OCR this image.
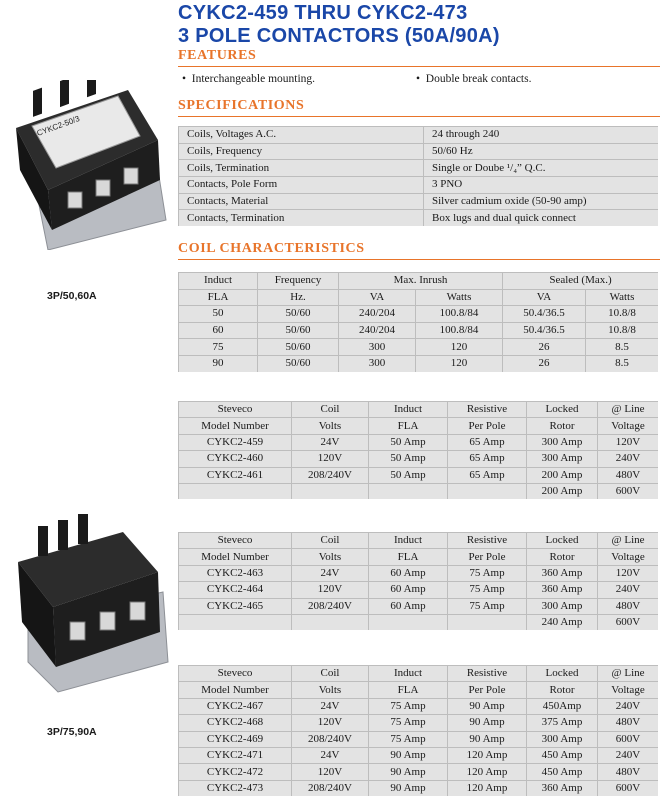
CYKC2-459 THRU CYKC2-473
3 POLE CONTACTORS (50A/90A)
FEATURES
•  Interchangeable mounting.	•  Double break contacts.
SPECIFICATIONS
Coils, Voltages A.C.	24 through 240
Coils, Frequency	50/60 Hz
Coils, Termination	Single or Doube ¹/₄” Q.C.
Contacts, Pole Form	3 PNO
Contacts, Material	Silver cadmium oxide (50-90 amp)
Contacts, Termination	Box lugs and dual quick connect
COIL CHARACTERISTICS
Induct	Frequency	Max. Inrush		Sealed (Max.)	
FLA	Hz.	VA	Watts	VA	Watts
50	50/60	240/204	100.8/84	50.4/36.5	10.8/8
60	50/60	240/204	100.8/84	50.4/36.5	10.8/8
75	50/60	300	120	26	8.5
90	50/60	300	120	26	8.5
Steveco	Coil	Induct	Resistive	Locked	@ Line
Model Number	Volts	FLA	Per Pole	Rotor	Voltage
CYKC2-459	24V	50 Amp	65 Amp	300 Amp	120V
CYKC2-460	120V	50 Amp	65 Amp	300 Amp	240V
CYKC2-461	208/240V	50 Amp	65 Amp	200 Amp	480V
				200 Amp	600V
Steveco	Coil	Induct	Resistive	Locked	@ Line
Model Number	Volts	FLA	Per Pole	Rotor	Voltage
CYKC2-463	24V	60 Amp	75 Amp	360 Amp	120V
CYKC2-464	120V	60 Amp	75 Amp	360 Amp	240V
CYKC2-465	208/240V	60 Amp	75 Amp	300 Amp	480V
				240 Amp	600V
Steveco	Coil	Induct	Resistive	Locked	@ Line
Model Number	Volts	FLA	Per Pole	Rotor	Voltage
CYKC2-467	24V	75 Amp	90 Amp	450Amp	240V
CYKC2-468	120V	75 Amp	90 Amp	375 Amp	480V
CYKC2-469	208/240V	75 Amp	90 Amp	300 Amp	600V
CYKC2-471	24V	90 Amp	120 Amp	450 Amp	240V
CYKC2-472	120V	90 Amp	120 Amp	450 Amp	480V
CYKC2-473	208/240V	90 Amp	120 Amp	360 Amp	600V
CYKC2-50/3
3P/50,60A
3P/75,90A
